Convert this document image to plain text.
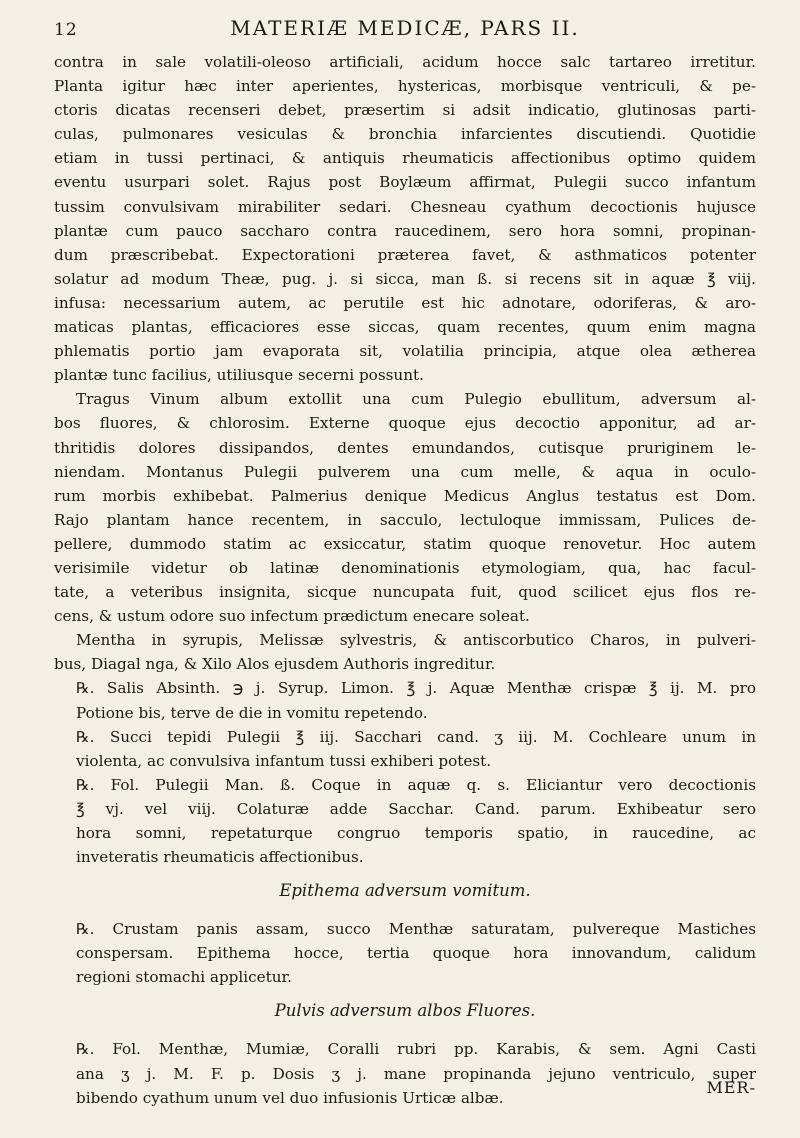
12	MATERIÆ MEDICÆ, PARS II.
contra in sale volatili-oleoso artificiali, acidum hocce salc tartareo irretitur.
Planta igitur hæc inter aperientes, hystericas, morbisque ventriculi, & pe-
ctoris dicatas recenseri debet, præsertim si adsit indicatio, glutinosas parti-
culas, pulmonares vesiculas & bronchia infarcientes discutiendi. Quotidie
etiam in tussi pertinaci, & antiquis rheumaticis affectionibus optimo quidem
eventu usurpari solet. Rajus post Boylæum affirmat, Pulegii succo infantum
tussim convulsivam mirabiliter sedari. Chesneau cyathum decoctionis hujusce
plantæ cum pauco saccharo contra raucedinem, sero hora somni, propinan-
dum præscribebat. Expectorationi præterea favet, & asthmaticos potenter
solatur ad modum Theæ, pug. j. si sicca, man ß. si recens sit in aquæ ℥ viij.
infusa: necessarium autem, ac perutile est hic adnotare, odoriferas, & aro-
maticas plantas, efficaciores esse siccas, quam recentes, quum enim magna
phlematis portio jam evaporata sit, volatilia principia, atque olea ætherea
plantæ tunc facilius, utiliusque secerni possunt.
Tragus Vinum album extollit una cum Pulegio ebullitum, adversum al-
bos fluores, & chlorosim. Externe quoque ejus decoctio apponitur, ad ar-
thritidis dolores dissipandos, dentes emundandos, cutisque pruriginem le-
niendam. Montanus Pulegii pulverem una cum melle, & aqua in oculo-
rum morbis exhibebat. Palmerius denique Medicus Anglus testatus est Dom.
Rajo plantam hance recentem, in sacculo, lectuloque immissam, Pulices de-
pellere, dummodo statim ac exsiccatur, statim quoque renovetur. Hoc autem
verisimile videtur ob latinæ denominationis etymologiam, qua, hac facul-
tate, a veteribus insignita, sicque nuncupata fuit, quod scilicet ejus flos re-
cens, & ustum odore suo infectum prædictum enecare soleat.
Mentha in syrupis, Melissæ sylvestris, & antiscorbutico Charos, in pulveri-
bus, Diagal nga, & Xilo Alos ejusdem Authoris ingreditur.
℞. Salis Absinth. ℈ j. Syrup. Limon. ℥ j. Aquæ Menthæ crispæ ℥ ij. M. pro
Potione bis, terve de die in vomitu repetendo.
℞. Succi tepidi Pulegii ℥ iij. Sacchari cand. ʒ iij. M. Cochleare unum in
violenta, ac convulsiva infantum tussi exhiberi potest.
℞. Fol. Pulegii Man. ß. Coque in aquæ q. s. Eliciantur vero decoctionis
℥ vj. vel viij. Colaturæ adde Sacchar. Cand. parum. Exhibeatur sero
hora somni, repetaturque congruo temporis spatio, in raucedine, ac
inveteratis rheumaticis affectionibus.
Epithema adversum vomitum.
℞. Crustam panis assam, succo Menthæ saturatam, pulvereque Mastiches
conspersam. Epithema hocce, tertia quoque hora innovandum, calidum
regioni stomachi applicetur.
Pulvis adversum albos Fluores.
℞. Fol. Menthæ, Mumiæ, Coralli rubri pp. Karabis, & sem. Agni Casti
ana ʒ j. M. F. p. Dosis ʒ j. mane propinanda jejuno ventriculo, super
bibendo cyathum unum vel duo infusionis Urticæ albæ.
MER-
